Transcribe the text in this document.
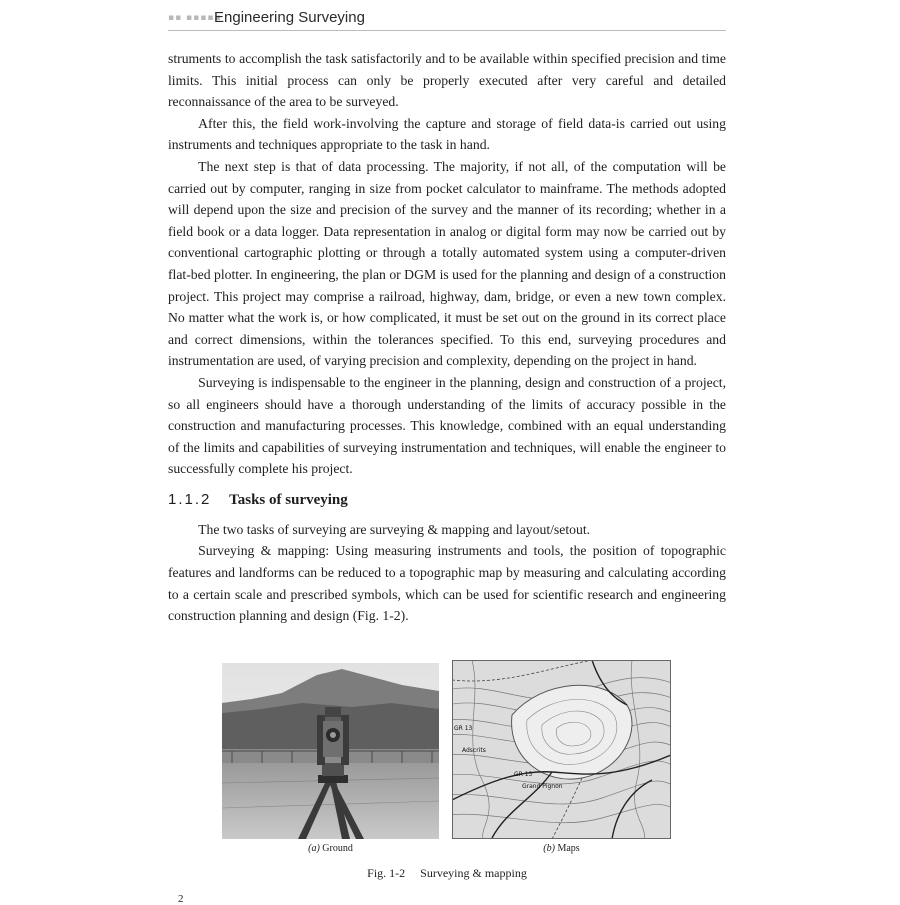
▪▪ ▪▪▪▪▪
Engineering Surveying

struments to accomplish the task satisfactorily and to be available within specified precision and time limits. This initial process can only be properly executed after very careful and detailed reconnaissance of the area to be surveyed.

After this, the field work-involving the capture and storage of field data-is carried out using instruments and techniques appropriate to the task in hand.

The next step is that of data processing. The majority, if not all, of the computation will be carried out by computer, ranging in size from pocket calculator to mainframe. The methods adopted will depend upon the size and precision of the survey and the manner of its recording; whether in a field book or a data logger. Data representation in analog or digital form may now be carried out by conventional cartographic plotting or through a totally automated system using a computer-driven flat-bed plotter. In engineering, the plan or DGM is used for the planning and design of a construction project. This project may comprise a railroad, highway, dam, bridge, or even a new town complex. No matter what the work is, or how complicated, it must be set out on the ground in its correct place and correct dimensions, within the tolerances specified. To this end, surveying procedures and instrumentation are used, of varying precision and complexity, depending on the project in hand.

Surveying is indispensable to the engineer in the planning, design and construction of a project, so all engineers should have a thorough understanding of the limits of accuracy possible in the construction and manufacturing processes. This knowledge, combined with an equal understanding of the limits and capabilities of surveying instrumentation and techniques, will enable the engineer to successfully complete his project.

1.1.2 Tasks of surveying

The two tasks of surveying are surveying & mapping and layout/setout.

Surveying & mapping: Using measuring instruments and tools, the position of topographic features and landforms can be reduced to a topographic map by measuring and calculating according to a certain scale and prescribed symbols, which can be used for scientific research and engineering construction planning and design (Fig. 1-2).

GR 13
GR 13
Grand Pignon
Adscrits
(a) Ground	(b) Maps
Fig. 1-2 Surveying & mapping
2
